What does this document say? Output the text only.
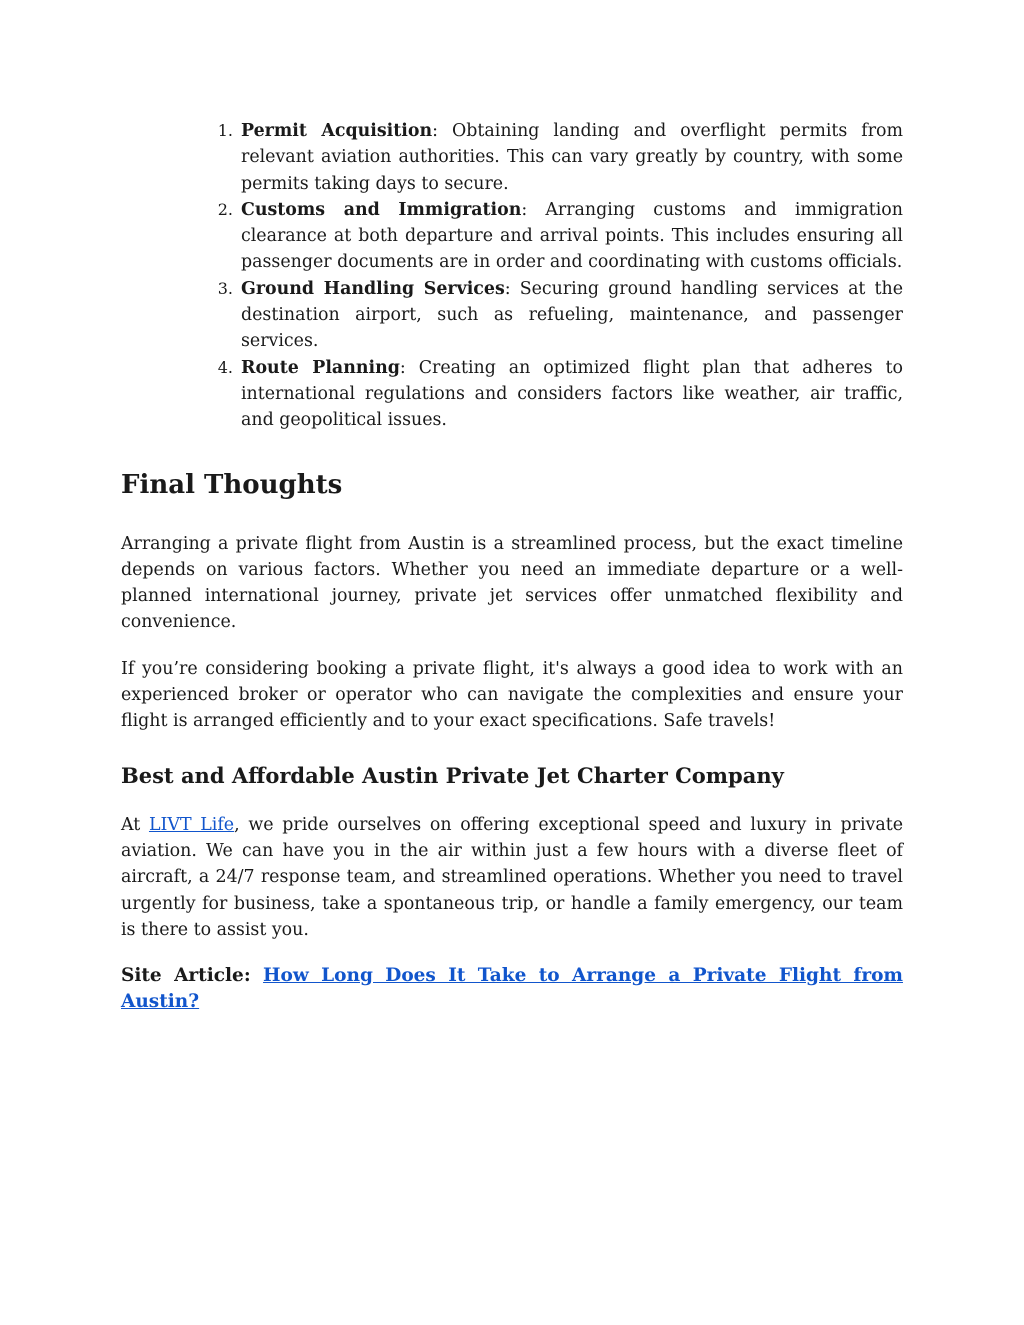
1. Permit Acquisition: Obtaining landing and overflight permits from relevant aviation authorities. This can vary greatly by country, with some permits taking days to secure.
2. Customs and Immigration: Arranging customs and immigration clearance at both departure and arrival points. This includes ensuring all passenger documents are in order and coordinating with customs officials.
3. Ground Handling Services: Securing ground handling services at the destination airport, such as refueling, maintenance, and passenger services.
4. Route Planning: Creating an optimized flight plan that adheres to international regulations and considers factors like weather, air traffic, and geopolitical issues.
Final Thoughts

Arranging a private flight from Austin is a streamlined process, but the exact timeline depends on various factors. Whether you need an immediate departure or a well-planned international journey, private jet services offer unmatched flexibility and convenience.

If you’re considering booking a private flight, it's always a good idea to work with an experienced broker or operator who can navigate the complexities and ensure your flight is arranged efficiently and to your exact specifications. Safe travels!

Best and Affordable Austin Private Jet Charter Company

At LIVT Life, we pride ourselves on offering exceptional speed and luxury in private aviation. We can have you in the air within just a few hours with a diverse fleet of aircraft, a 24/7 response team, and streamlined operations. Whether you need to travel urgently for business, take a spontaneous trip, or handle a family emergency, our team is there to assist you.

Site Article: How Long Does It Take to Arrange a Private Flight from Austin?
